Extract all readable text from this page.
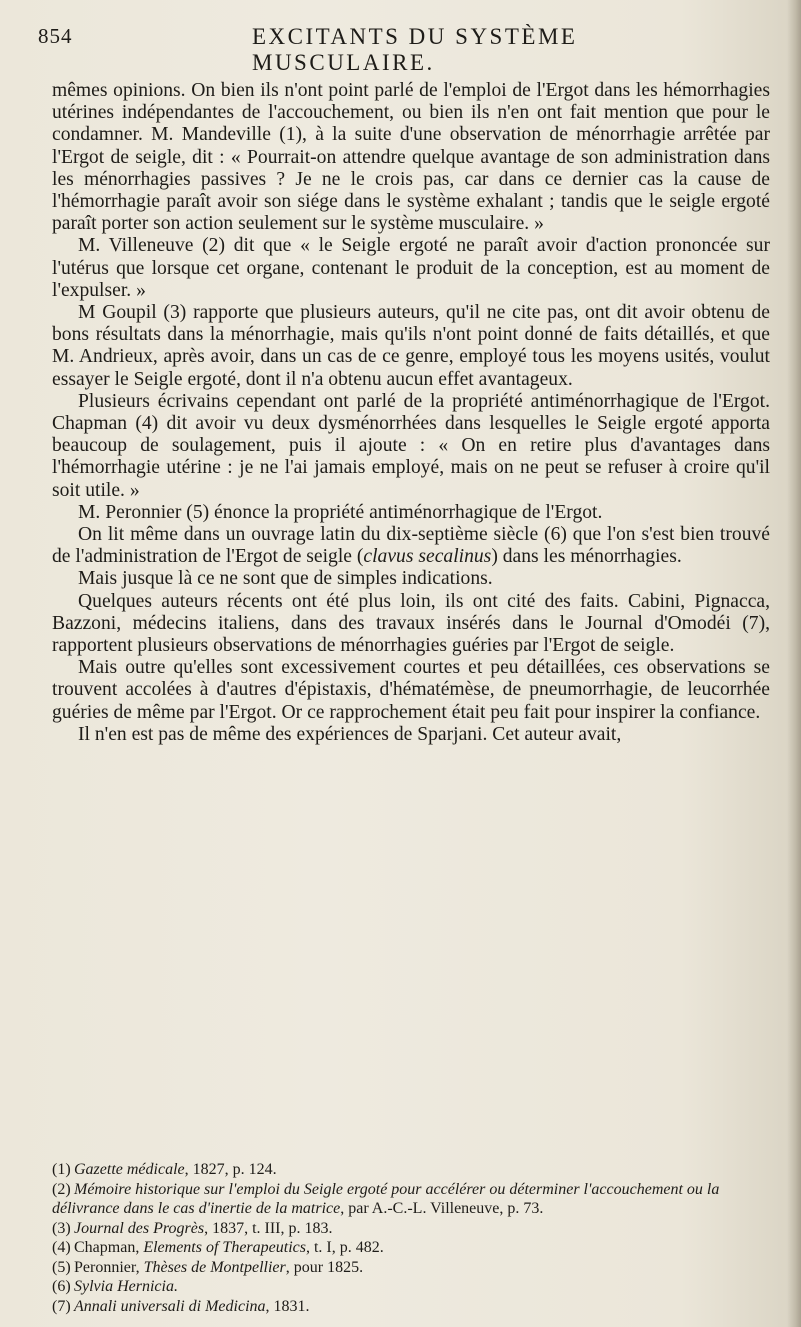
854	EXCITANTS DU SYSTÈME MUSCULAIRE.

mêmes opinions. On bien ils n'ont point parlé de l'emploi de l'Ergot dans les hémorrhagies utérines indépendantes de l'accouchement, ou bien ils n'en ont fait mention que pour le condamner. M. Mandeville (1), à la suite d'une observation de ménorrhagie arrêtée par l'Ergot de seigle, dit : « Pourrait-on attendre quelque avantage de son administration dans les ménorrhagies passives ? Je ne le crois pas, car dans ce dernier cas la cause de l'hémorrhagie paraît avoir son siége dans le système exhalant ; tandis que le seigle ergoté paraît porter son action seulement sur le système musculaire. »

M. Villeneuve (2) dit que « le Seigle ergoté ne paraît avoir d'action prononcée sur l'utérus que lorsque cet organe, contenant le produit de la conception, est au moment de l'expulser. »

M Goupil (3) rapporte que plusieurs auteurs, qu'il ne cite pas, ont dit avoir obtenu de bons résultats dans la ménorrhagie, mais qu'ils n'ont point donné de faits détaillés, et que M. Andrieux, après avoir, dans un cas de ce genre, employé tous les moyens usités, voulut essayer le Seigle ergoté, dont il n'a obtenu aucun effet avantageux.

Plusieurs écrivains cependant ont parlé de la propriété antiménorrhagique de l'Ergot. Chapman (4) dit avoir vu deux dysménorrhées dans lesquelles le Seigle ergoté apporta beaucoup de soulagement, puis il ajoute : « On en retire plus d'avantages dans l'hémorrhagie utérine : je ne l'ai jamais employé, mais on ne peut se refuser à croire qu'il soit utile. »

M. Peronnier (5) énonce la propriété antiménorrhagique de l'Ergot.

On lit même dans un ouvrage latin du dix-septième siècle (6) que l'on s'est bien trouvé de l'administration de l'Ergot de seigle (clavus secalinus) dans les ménorrhagies.

Mais jusque là ce ne sont que de simples indications.

Quelques auteurs récents ont été plus loin, ils ont cité des faits. Cabini, Pignacca, Bazzoni, médecins italiens, dans des travaux insérés dans le Journal d'Omodéi (7), rapportent plusieurs observations de ménorrhagies guéries par l'Ergot de seigle.

Mais outre qu'elles sont excessivement courtes et peu détaillées, ces observations se trouvent accolées à d'autres d'épistaxis, d'hématémèse, de pneumorrhagie, de leucorrhée guéries de même par l'Ergot. Or ce rapprochement était peu fait pour inspirer la confiance.

Il n'en est pas de même des expériences de Sparjani. Cet auteur avait,

(1) Gazette médicale, 1827, p. 124.

(2) Mémoire historique sur l'emploi du Seigle ergoté pour accélérer ou déterminer l'accouchement ou la délivrance dans le cas d'inertie de la matrice, par A.-C.-L. Villeneuve, p. 73.

(3) Journal des Progrès, 1837, t. III, p. 183.

(4) Chapman, Elements of Therapeutics, t. I, p. 482.

(5) Peronnier, Thèses de Montpellier, pour 1825.

(6) Sylvia Hernicia.

(7) Annali universali di Medicina, 1831.
